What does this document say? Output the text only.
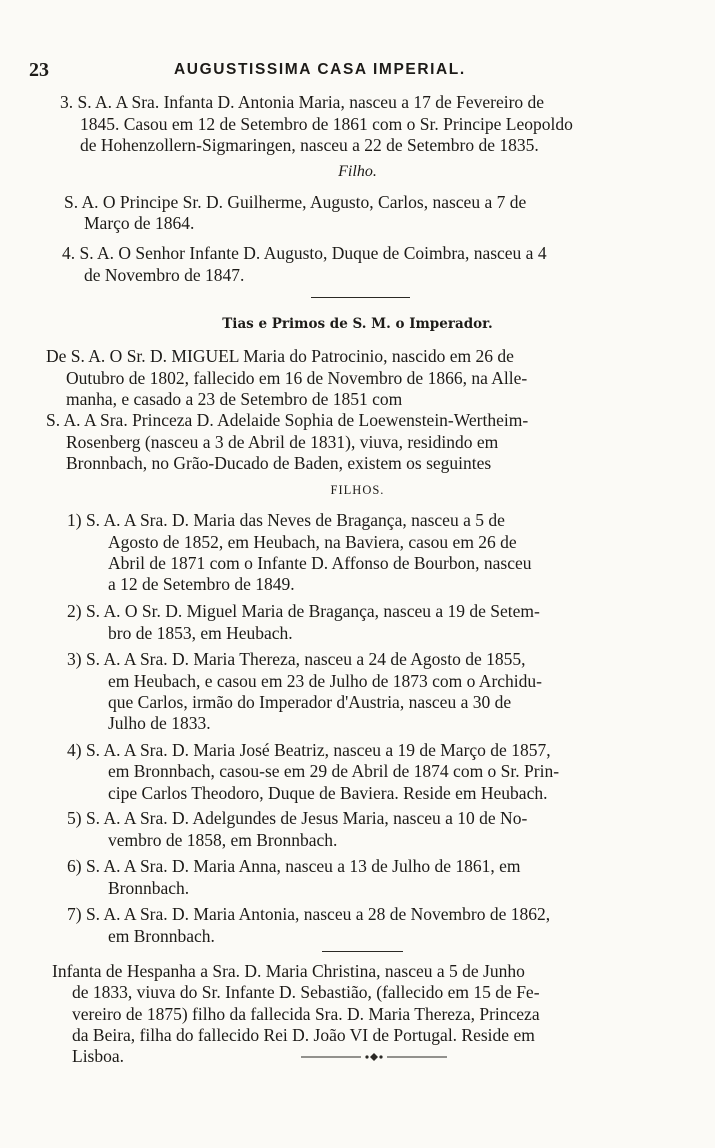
23	AUGUSTISSIMA CASA IMPERIAL.
3. S. A. A Sra. Infanta D. Antonia Maria, nasceu a 17 de Fevereiro de
1845. Casou em 12 de Setembro de 1861 com o Sr. Principe Leopoldo
de Hohenzollern-Sigmaringen, nasceu a 22 de Setembro de 1835.
Filho.
S. A. O Principe Sr. D. Guilherme, Augusto, Carlos, nasceu a 7 de
Março de 1864.
4. S. A. O Senhor Infante D. Augusto, Duque de Coimbra, nasceu a 4
de Novembro de 1847.
Tias e Primos de S. M. o Imperador.
De S. A. O Sr. D. MIGUEL Maria do Patrocinio, nascido em 26 de
Outubro de 1802, fallecido em 16 de Novembro de 1866, na Alle-
manha, e casado a 23 de Setembro de 1851 com
S. A. A Sra. Princeza D. Adelaide Sophia de Loewenstein-Wertheim-
Rosenberg (nasceu a 3 de Abril de 1831), viuva, residindo em
Bronnbach, no Grão-Ducado de Baden, existem os seguintes
FILHOS.
1) S. A. A Sra. D. Maria das Neves de Bragança, nasceu a 5 de
Agosto de 1852, em Heubach, na Baviera, casou em 26 de
Abril de 1871 com o Infante D. Affonso de Bourbon, nasceu
a 12 de Setembro de 1849.
2) S. A. O Sr. D. Miguel Maria de Bragança, nasceu a 19 de Setem-
bro de 1853, em Heubach.
3) S. A. A Sra. D. Maria Thereza, nasceu a 24 de Agosto de 1855,
em Heubach, e casou em 23 de Julho de 1873 com o Archidu-
que Carlos, irmão do Imperador d'Austria, nasceu a 30 de
Julho de 1833.
4) S. A. A Sra. D. Maria José Beatriz, nasceu a 19 de Março de 1857,
em Bronnbach, casou-se em 29 de Abril de 1874 com o Sr. Prin-
cipe Carlos Theodoro, Duque de Baviera. Reside em Heubach.
5) S. A. A Sra. D. Adelgundes de Jesus Maria, nasceu a 10 de No-
vembro de 1858, em Bronnbach.
6) S. A. A Sra. D. Maria Anna, nasceu a 13 de Julho de 1861, em
Bronnbach.
7) S. A. A Sra. D. Maria Antonia, nasceu a 28 de Novembro de 1862,
em Bronnbach.
Infanta de Hespanha a Sra. D. Maria Christina, nasceu a 5 de Junho
de 1833, viuva do Sr. Infante D. Sebastião, (fallecido em 15 de Fe-
vereiro de 1875) filho da fallecida Sra. D. Maria Thereza, Princeza
da Beira, filha do fallecido Rei D. João VI de Portugal. Reside em
Lisboa.
